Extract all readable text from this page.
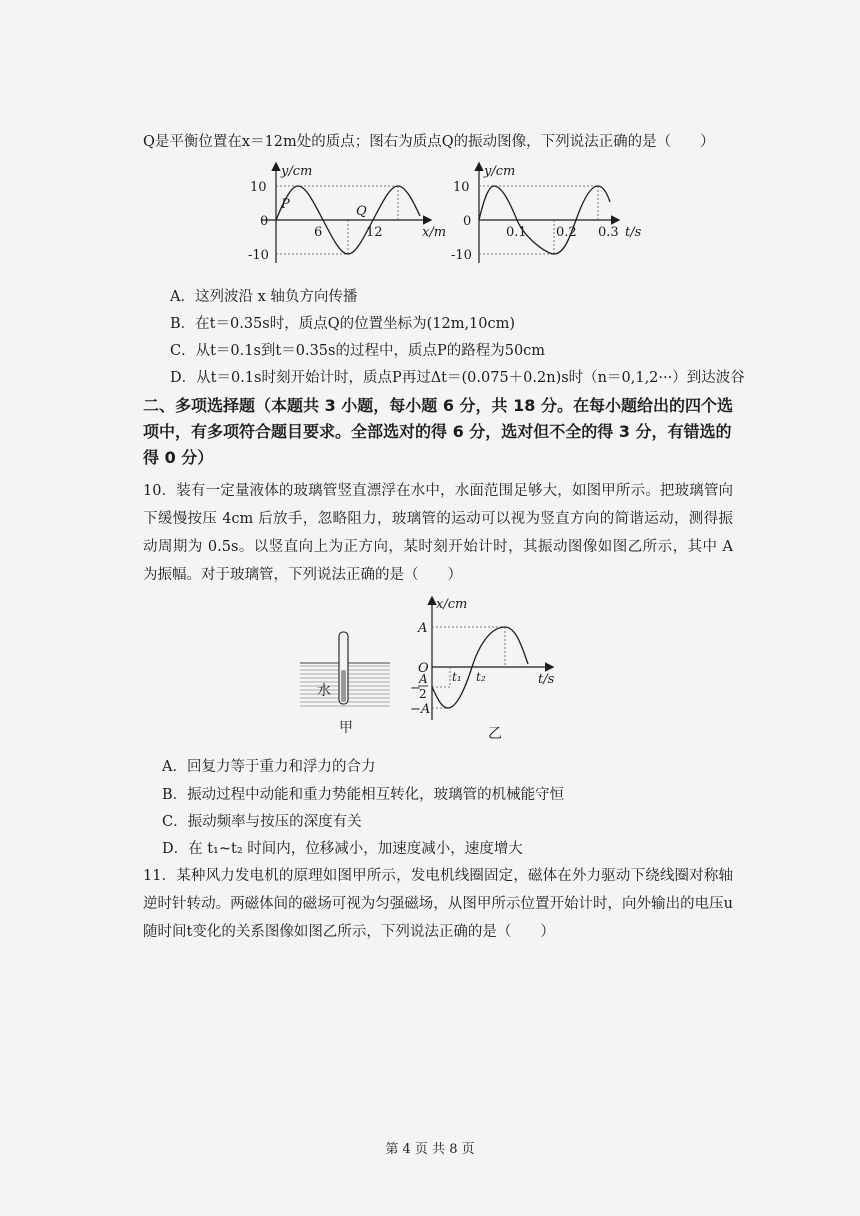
Q是平衡位置在x＝12m处的质点；图右为质点Q的振动图像，下列说法正确的是（　　）
y/cm
10
0
-10
6	12
P	Q
x/m
y/cm
10
0
-10
0.1 0.2 0.3 t/s
A．这列波沿 x 轴负方向传播
B．在t＝0.35s时，质点Q的位置坐标为(12m,10cm)
C．从t＝0.1s到t＝0.35s的过程中，质点P的路程为50cm
D．从t＝0.1s时刻开始计时，质点P再过Δt＝(0.075＋0.2n)s时（n＝0,1,2···）到达波谷
二、多项选择题（本题共 3 小题，每小题 6 分，共 18 分。在每小题给出的四个选项中，有多项符合题目要求。全部选对的得 6 分，选对但不全的得 3 分，有错选的得 0 分）
10．装有一定量液体的玻璃管竖直漂浮在水中，水面范围足够大，如图甲所示。把玻璃管向下缓慢按压 4cm 后放手，忽略阻力，玻璃管的运动可以视为竖直方向的简谐运动，测得振动周期为 0.5s。以竖直向上为正方向，某时刻开始计时，其振动图像如图乙所示，其中 A 为振幅。对于玻璃管，下列说法正确的是（　　）
水
甲
x/cm
A
O
−
A
2
−A
t₁ t₂	t/s
乙
A．回复力等于重力和浮力的合力
B．振动过程中动能和重力势能相互转化，玻璃管的机械能守恒
C．振动频率与按压的深度有关
D．在 t₁~t₂ 时间内，位移减小，加速度减小，速度增大
11．某种风力发电机的原理如图甲所示，发电机线圈固定，磁体在外力驱动下绕线圈对称轴逆时针转动。两磁体间的磁场可视为匀强磁场，从图甲所示位置开始计时，向外输出的电压u随时间t变化的关系图像如图乙所示，下列说法正确的是（　　）
第 4 页 共 8 页
